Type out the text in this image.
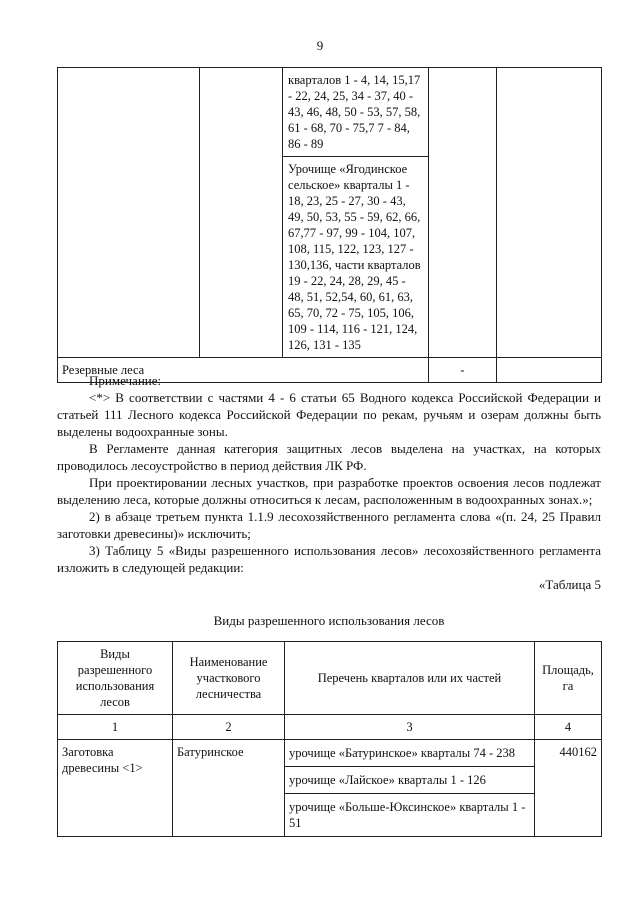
9
		кварталов 1 - 4, 14, 15,17 - 22, 24, 25, 34 - 37, 40 - 43, 46, 48, 50 - 53, 57, 58, 61 - 68, 70 - 75,7 7 - 84, 86 - 89		
		Урочище «Ягодинское сельское» кварталы 1 - 18, 23, 25 - 27, 30 - 43, 49, 50, 53, 55 - 59, 62, 66, 67,77 - 97, 99 - 104, 107, 108, 115, 122, 123, 127 - 130,136, части кварталов 19 - 22, 24, 28, 29, 45 - 48, 51, 52,54, 60, 61, 63, 65, 70, 72 - 75, 105, 106, 109 - 114, 116 - 121, 124, 126, 131 - 135		
Резервные леса			-	

Примечание:

<*> В соответствии с частями 4 - 6 статьи 65 Водного кодекса Российской Федерации и статьей 111 Лесного кодекса Российской Федерации по рекам, ручьям и озерам должны быть выделены водоохранные зоны.

В Регламенте данная категория защитных лесов выделена на участках, на которых проводилось лесоустройство в период действия ЛК РФ.

При проектировании лесных участков, при разработке проектов освоения лесов подлежат выделению леса, которые должны относиться к лесам, расположенным в водоохранных зонах.»;

2) в абзаце третьем пункта 1.1.9 лесохозяйственного регламента слова «(п. 24, 25 Правил заготовки древесины)» исключить;

3) Таблицу 5 «Виды разрешенного использования лесов» лесохозяйственного регламента изложить в следующей редакции:

«Таблица 5

Виды разрешенного использования лесов
Виды разрешенного использования лесов	Наименование участкового лесничества	Перечень кварталов или их частей	Площадь, га
1	2	3	4
Заготовка древесины <1>	Батуринское	урочище «Батуринское» кварталы 74 - 238	440162
		урочище «Лайское» кварталы 1 - 126	
		урочище «Больше-Юксинское» кварталы 1 - 51	
